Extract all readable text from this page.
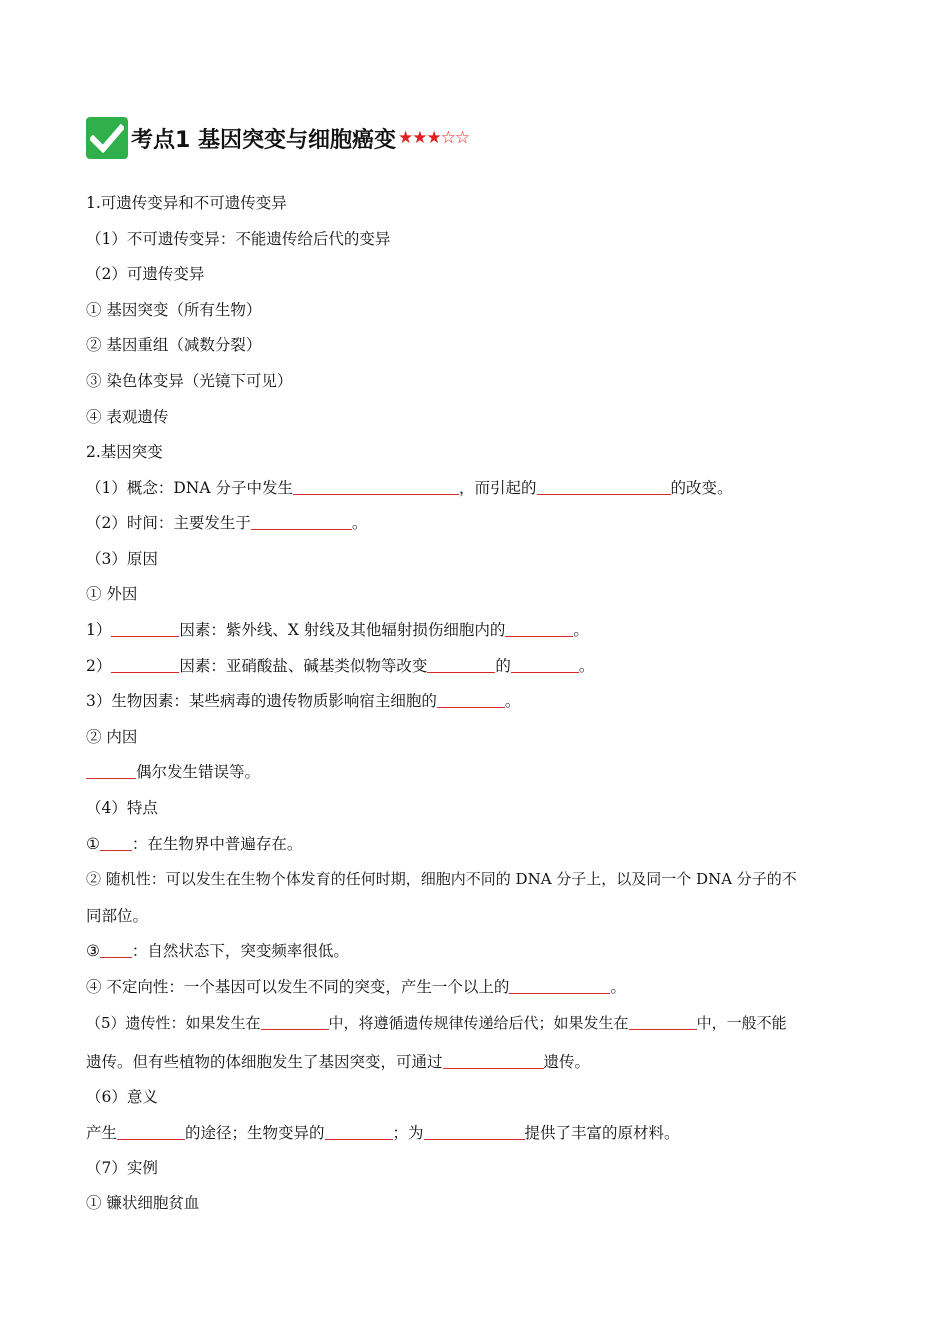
考点1 基因突变与细胞癌变 ★★★☆☆
1.可遗传变异和不可遗传变异
（1）不可遗传变异：不能遗传给后代的变异
（2）可遗传变异
① 基因突变（所有生物）
② 基因重组（减数分裂）
③ 染色体变异（光镜下可见）
④ 表观遗传
2.基因突变
（1）概念：DNA 分子中发生	，而引起的	的改变。
（2）时间：主要发生于	。
（3）原因
① 外因
1）	因素：紫外线、X 射线及其他辐射损伤细胞内的	。
2）	因素：亚硝酸盐、碱基类似物等改变	的	。
3）生物因素：某些病毒的遗传物质影响宿主细胞的	。
② 内因
偶尔发生错误等。
（4）特点
① ：在生物界中普遍存在。
② 随机性：可以发生在生物个体发育的任何时期，细胞内不同的 DNA 分子上，以及同一个 DNA 分子的不
同部位。
③ ：自然状态下，突变频率很低。
④ 不定向性：一个基因可以发生不同的突变，产生一个以上的	。
（5）遗传性：如果发生在	中，将遵循遗传规律传递给后代；如果发生在	中，一般不能
遗传。但有些植物的体细胞发生了基因突变，可通过	遗传。
（6）意义
产生	的途径；生物变异的	；为	提供了丰富的原材料。
（7）实例
① 镰状细胞贫血
